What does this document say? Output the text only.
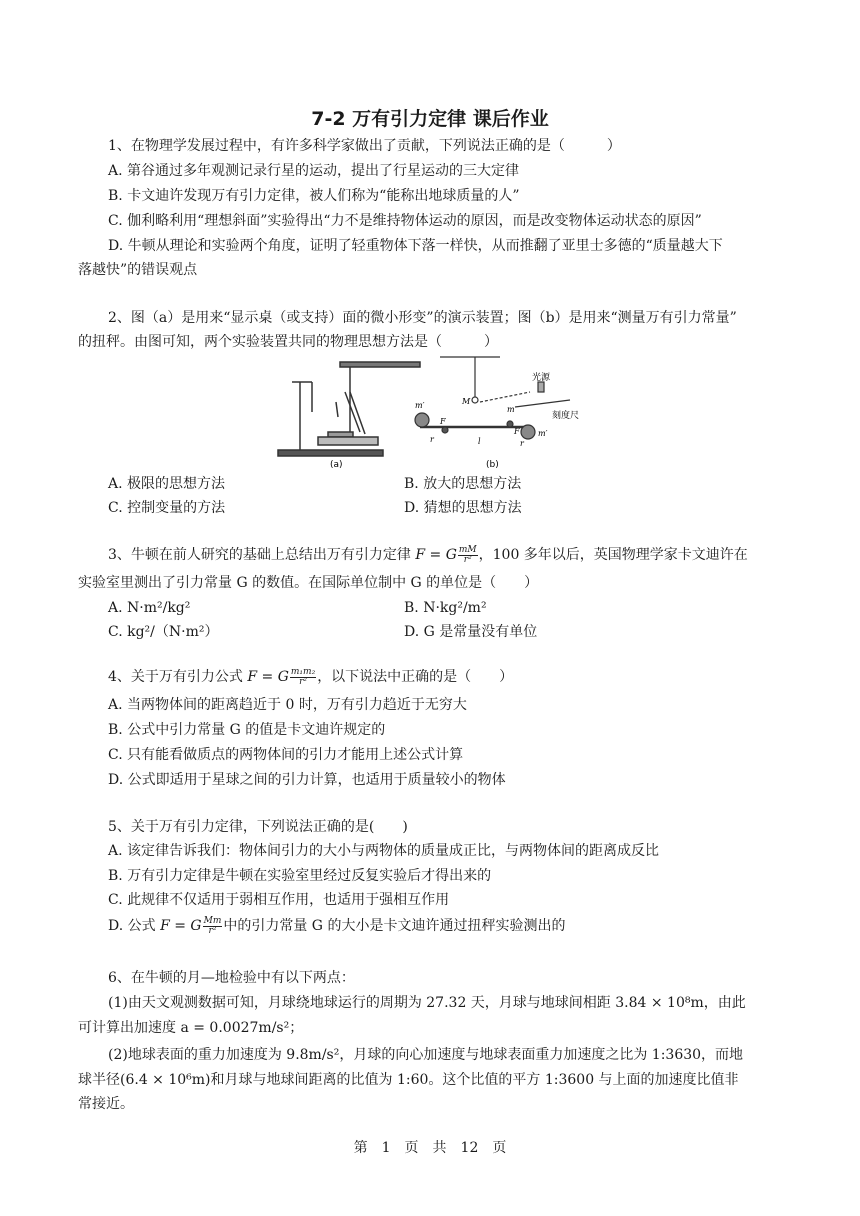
7-2 万有引力定律 课后作业
1、在物理学发展过程中，有许多科学家做出了贡献，下列说法正确的是（　　　）
A. 第谷通过多年观测记录行星的运动，提出了行星运动的三大定律
B. 卡文迪许发现万有引力定律，被人们称为“能称出地球质量的人”
C. 伽利略利用“理想斜面”实验得出“力不是维持物体运动的原因，而是改变物体运动状态的原因”
D. 牛顿从理论和实验两个角度，证明了轻重物体下落一样快，从而推翻了亚里士多德的“质量越大下
落越快”的错误观点
2、图（a）是用来“显示桌（或支持）面的微小形变”的演示装置；图（b）是用来“测量万有引力常量”
的扭秤。由图可知，两个实验装置共同的物理思想方法是（　　　）
(a)
光源
刻度尺
M
m
m′
m′
F
F
r	r
l
(b)
A. 极限的思想方法	B. 放大的思想方法
C. 控制变量的方法	D. 猜想的思想方法
3、牛顿在前人研究的基础上总结出万有引力定律 F = G $\frac{mM}{\text{r²}}$ ，100 多年以后，英国物理学家卡文迪许在
实验室里测出了引力常量 G 的数值。在国际单位制中 G 的单位是（　　）
A. N·m²/kg²	B. N·kg²/m²
C. kg²/（N·m²）	D. G 是常量没有单位
4、关于万有引力公式 F = G $\frac{\text{m₁m₂}}{\text{r²}}$ ，以下说法中正确的是（　　）
A. 当两物体间的距离趋近于 0 时，万有引力趋近于无穷大
B. 公式中引力常量 G 的值是卡文迪许规定的
C. 只有能看做质点的两物体间的引力才能用上述公式计算
D. 公式即适用于星球之间的引力计算，也适用于质量较小的物体
5、关于万有引力定律，下列说法正确的是(　　)
A. 该定律告诉我们：物体间引力的大小与两物体的质量成正比，与两物体间的距离成反比
B. 万有引力定律是牛顿在实验室里经过反复实验后才得出来的
C. 此规律不仅适用于弱相互作用，也适用于强相互作用
D. 公式 F = G $\frac{Mm}{\text{r²}}$ 中的引力常量 G 的大小是卡文迪许通过扭秤实验测出的
6、在牛顿的月—地检验中有以下两点：
(1)由天文观测数据可知，月球绕地球运行的周期为 27.32 天，月球与地球间相距 3.84 × 10⁸m，由此
可计算出加速度 a = 0.0027m/s²；
(2)地球表面的重力加速度为 9.8m/s²，月球的向心加速度与地球表面重力加速度之比为 1:3630，而地
球半径(6.4 × 10⁶m)和月球与地球间距离的比值为 1:60。这个比值的平方 1:3600 与上面的加速度比值非
常接近。
第　1　页　共　12　页
